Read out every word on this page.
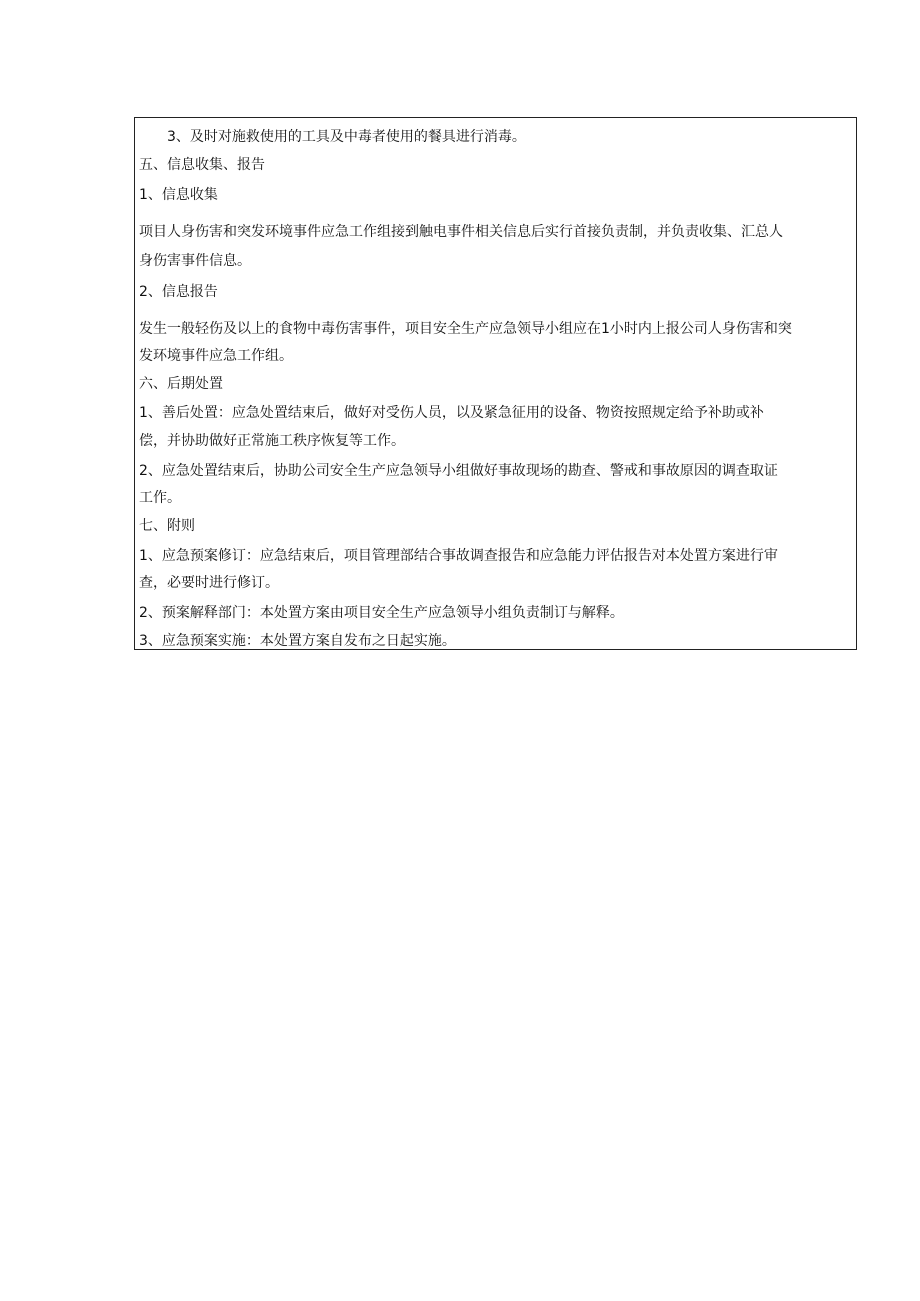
3、及时对施救使用的工具及中毒者使用的餐具进行消毒。
五、信息收集、报告
1、信息收集
项目人身伤害和突发环境事件应急工作组接到触电事件相关信息后实行首接负责制，并负责收集、汇总人
身伤害事件信息。
2、信息报告
发生一般轻伤及以上的食物中毒伤害事件，项目安全生产应急领导小组应在1小时内上报公司人身伤害和突
发环境事件应急工作组。
六、后期处置
1、善后处置：应急处置结束后，做好对受伤人员，以及紧急征用的设备、物资按照规定给予补助或补
偿，并协助做好正常施工秩序恢复等工作。
2、应急处置结束后，协助公司安全生产应急领导小组做好事故现场的勘查、警戒和事故原因的调查取证
工作。
七、附则
1、应急预案修订：应急结束后，项目管理部结合事故调查报告和应急能力评估报告对本处置方案进行审
查，必要时进行修订。
2、预案解释部门：本处置方案由项目安全生产应急领导小组负责制订与解释。
3、应急预案实施：本处置方案自发布之日起实施。
